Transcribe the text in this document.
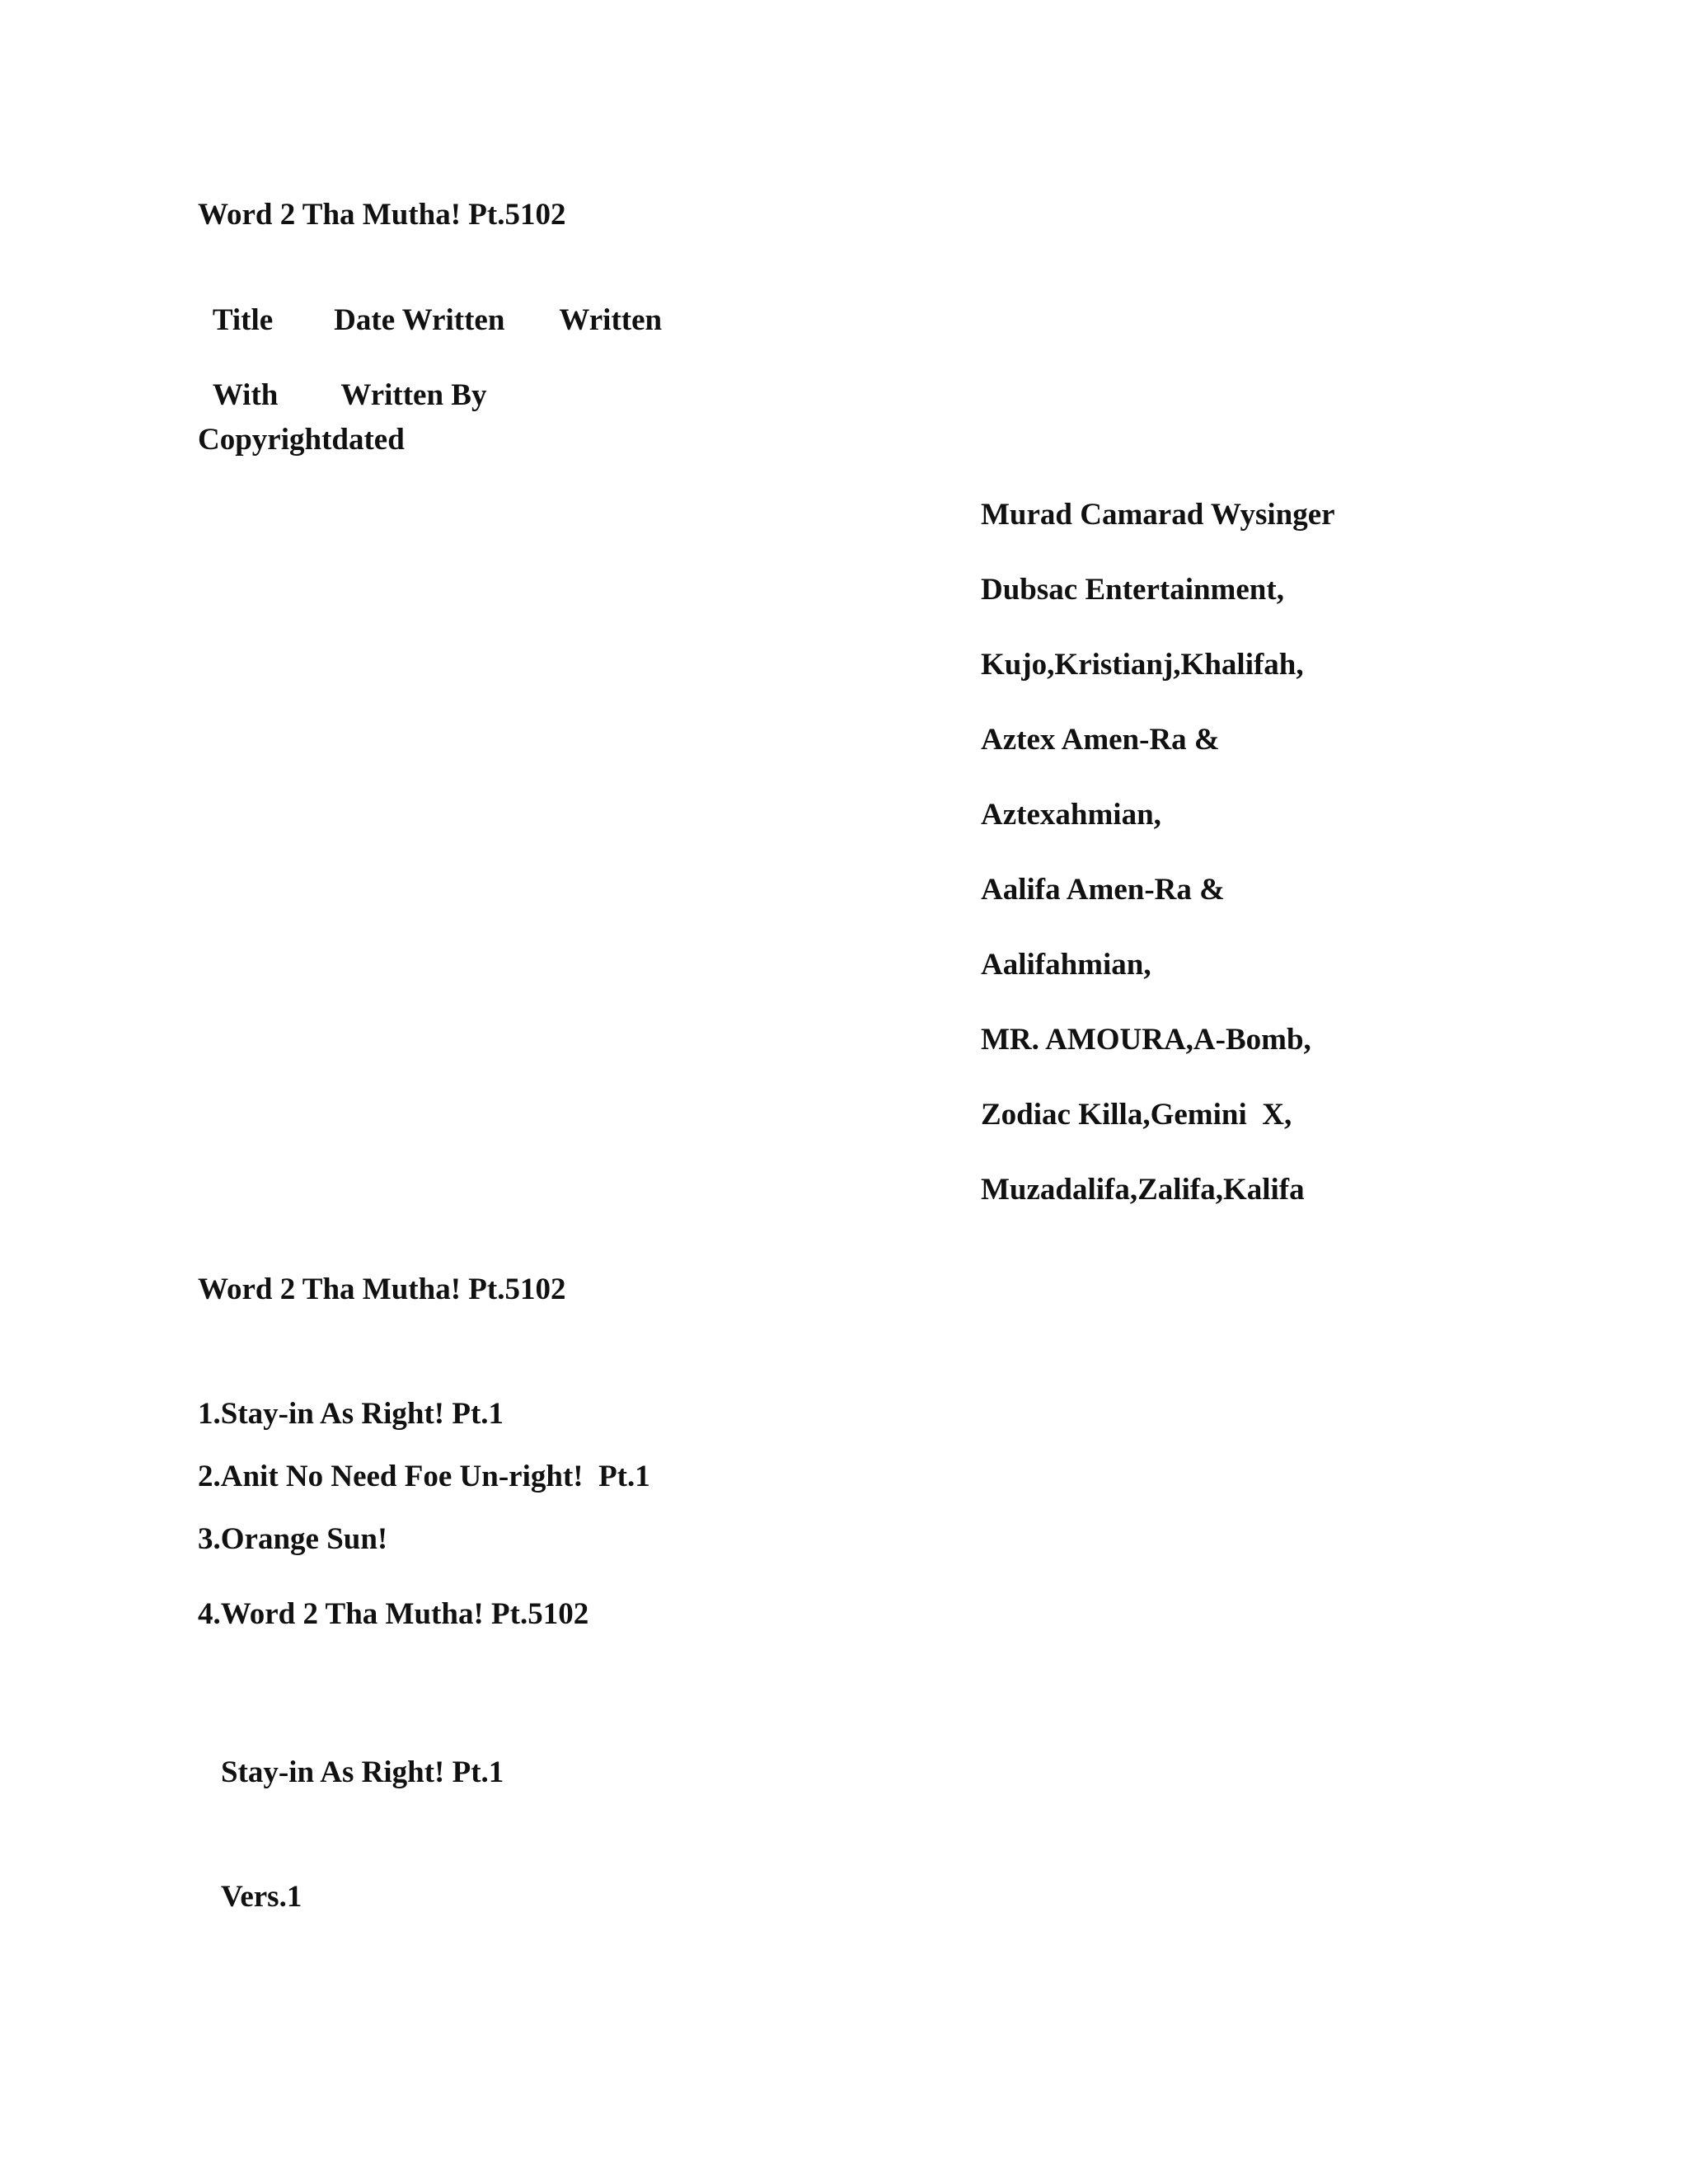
Word 2 Tha Mutha! Pt.5102

Title Date Written Written

With Written By

Copyrightdated
Murad Camarad Wysinger
Dubsac Entertainment,
Kujo,Kristianj,Khalifah,
Aztex Amen-Ra &
Aztexahmian,
Aalifa Amen-Ra &
Aalifahmian,
MR. AMOURA,A-Bomb,
Zodiac Killa,Gemini  X,
Muzadalifa,Zalifa,Kalifa
Word 2 Tha Mutha! Pt.5102
1.Stay-in As Right! Pt.1
2.Anit No Need Foe Un-right!  Pt.1
3.Orange Sun!
4.Word 2 Tha Mutha! Pt.5102
Stay-in As Right! Pt.1
Vers.1
